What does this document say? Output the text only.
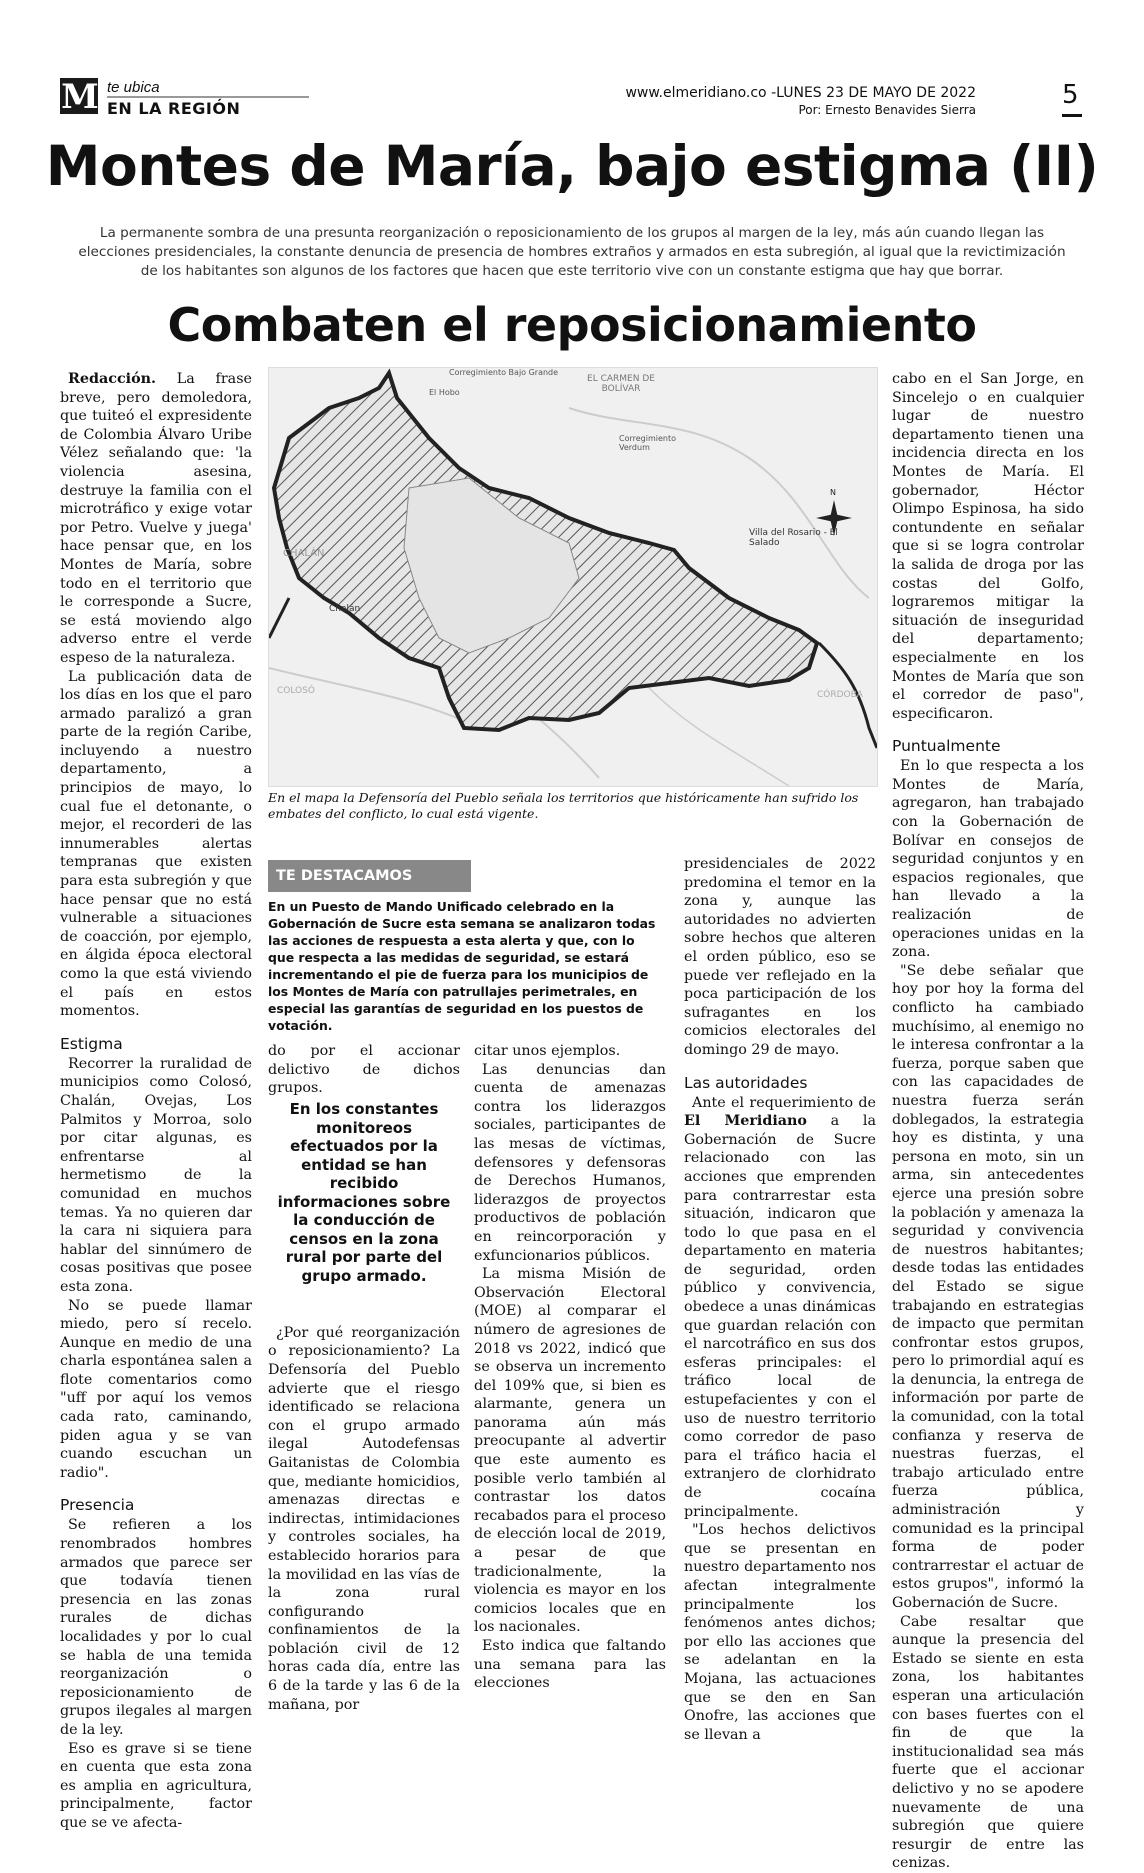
M te ubica
EN LA REGIÓN
www.elmeridiano.co -LUNES 23 DE MAYO DE 2022
Por: Ernesto Benavides Sierra	5
Montes de María, bajo estigma (II)
La permanente sombra de una presunta reorganización o reposicionamiento de los grupos al margen de la ley, más aún cuando llegan las elecciones presidenciales, la constante denuncia de presencia de hombres extraños y armados en esta subregión, al igual que la revictimización de los habitantes son algunos de los factores que hacen que este territorio vive con un constante estigma que hay que borrar.
Combaten el reposicionamiento

Redacción. La frase breve, pero demoledora, que tuiteó el expresidente de Colombia Álvaro Uribe Vélez señalando que: 'la violencia asesina, destruye la familia con el microtráfico y exige votar por Petro. Vuelve y juega' hace pensar que, en los Montes de María, sobre todo en el territorio que le corresponde a Sucre, se está moviendo algo adverso entre el verde espeso de la naturaleza.

La publicación data de los días en los que el paro armado paralizó a gran parte de la región Caribe, incluyendo a nuestro departamento, a principios de mayo, lo cual fue el detonante, o mejor, el recorderi de las innumerables alertas tempranas que existen para esta subregión y que hace pensar que no está vulnerable a situaciones de coacción, por ejemplo, en álgida época electoral como la que está viviendo el país en estos momentos.

Estigma

Recorrer la ruralidad de municipios como Colosó, Chalán, Ovejas, Los Palmitos y Morroa, solo por citar algunas, es enfrentarse al hermetismo de la comunidad en muchos temas. Ya no quieren dar la cara ni siquiera para hablar del sinnúmero de cosas positivas que posee esta zona.

No se puede llamar miedo, pero sí recelo. Aunque en medio de una charla espontánea salen a flote comentarios como "uff por aquí los vemos cada rato, caminando, piden agua y se van cuando escuchan un radio".

Presencia

Se refieren a los renombrados hombres armados que parece ser que todavía tienen presencia en las zonas rurales de dichas localidades y por lo cual se habla de una temida reorganización o reposicionamiento de grupos ilegales al margen de la ley.

Eso es grave si se tiene en cuenta que esta zona es amplia en agricultura, principalmente, factor que se ve afecta-

Corregimiento Bajo Grande
EL CARMEN DE BOLÍVAR
El Hobo
Corregimiento Verdum
Villa del Rosario - El Salado
CHALÁN
Chalán
COLOSÓ	CÓRDOBA
N
En el mapa la Defensoría del Pueblo señala los territorios que históricamente han sufrido los embates del conflicto, lo cual está vigente.
TE DESTACAMOS
En un Puesto de Mando Unificado celebrado en la Gobernación de Sucre esta semana se analizaron todas las acciones de respuesta a esta alerta y que, con lo que respecta a las medidas de seguridad, se estará incrementando el pie de fuerza para los municipios de los Montes de María con patrullajes perimetrales, en especial las garantías de seguridad en los puestos de votación.

do por el accionar delictivo de dichos grupos.

¿Por qué reorganización o reposicionamiento? La Defensoría del Pueblo advierte que el riesgo identificado se relaciona con el grupo armado ilegal Autodefensas Gaitanistas de Colombia que, mediante homicidios, amenazas directas e indirectas, intimidaciones y controles sociales, ha establecido horarios para la movilidad en las vías de la zona rural configurando confinamientos de la población civil de 12 horas cada día, entre las 6 de la tarde y las 6 de la mañana, por

En los constantes monitoreos efectuados por la entidad se han recibido informaciones sobre la conducción de censos en la zona rural por parte del grupo armado.

citar unos ejemplos.

Las denuncias dan cuenta de amenazas contra los liderazgos sociales, participantes de las mesas de víctimas, defensores y defensoras de Derechos Humanos, liderazgos de proyectos productivos de población en reincorporación y exfuncionarios públicos.

La misma Misión de Observación Electoral (MOE) al comparar el número de agresiones de 2018 vs 2022, indicó que se observa un incremento del 109% que, si bien es alarmante, genera un panorama aún más preocupante al advertir que este aumento es posible verlo también al contrastar los datos recabados para el proceso de elección local de 2019, a pesar de que tradicionalmente, la violencia es mayor en los comicios locales que en los nacionales.

Esto indica que faltando una semana para las elecciones

presidenciales de 2022 predomina el temor en la zona y, aunque las autoridades no advierten sobre hechos que alteren el orden público, eso se puede ver reflejado en la poca participación de los sufragantes en los comicios electorales del domingo 29 de mayo.

Las autoridades

Ante el requerimiento de El Meridiano a la Gobernación de Sucre relacionado con las acciones que emprenden para contrarrestar esta situación, indicaron que todo lo que pasa en el departamento en materia de seguridad, orden público y convivencia, obedece a unas dinámicas que guardan relación con el narcotráfico en sus dos esferas principales: el tráfico local de estupefacientes y con el uso de nuestro territorio como corredor de paso para el tráfico hacia el extranjero de clorhidrato de cocaína principalmente.

"Los hechos delictivos que se presentan en nuestro departamento nos afectan integralmente principalmente los fenómenos antes dichos; por ello las acciones que se adelantan en la Mojana, las actuaciones que se den en San Onofre, las acciones que se llevan a

cabo en el San Jorge, en Sincelejo o en cualquier lugar de nuestro departamento tienen una incidencia directa en los Montes de María. El gobernador, Héctor Olimpo Espinosa, ha sido contundente en señalar que si se logra controlar la salida de droga por las costas del Golfo, lograremos mitigar la situación de inseguridad del departamento; especialmente en los Montes de María que son el corredor de paso", especificaron.

Puntualmente

En lo que respecta a los Montes de María, agregaron, han trabajado con la Gobernación de Bolívar en consejos de seguridad conjuntos y en espacios regionales, que han llevado a la realización de operaciones unidas en la zona.

"Se debe señalar que hoy por hoy la forma del conflicto ha cambiado muchísimo, al enemigo no le interesa confrontar a la fuerza, porque saben que con las capacidades de nuestra fuerza serán doblegados, la estrategia hoy es distinta, y una persona en moto, sin un arma, sin antecedentes ejerce una presión sobre la población y amenaza la seguridad y convivencia de nuestros habitantes; desde todas las entidades del Estado se sigue trabajando en estrategias de impacto que permitan confrontar estos grupos, pero lo primordial aquí es la denuncia, la entrega de información por parte de la comunidad, con la total confianza y reserva de nuestras fuerzas, el trabajo articulado entre fuerza pública, administración y comunidad es la principal forma de poder contrarrestar el actuar de estos grupos", informó la Gobernación de Sucre.

Cabe resaltar que aunque la presencia del Estado se siente en esta zona, los habitantes esperan una articulación con bases fuertes con el fin de que la institucionalidad sea más fuerte que el accionar delictivo y no se apodere nuevamente de una subregión que quiere resurgir de entre las cenizas.
